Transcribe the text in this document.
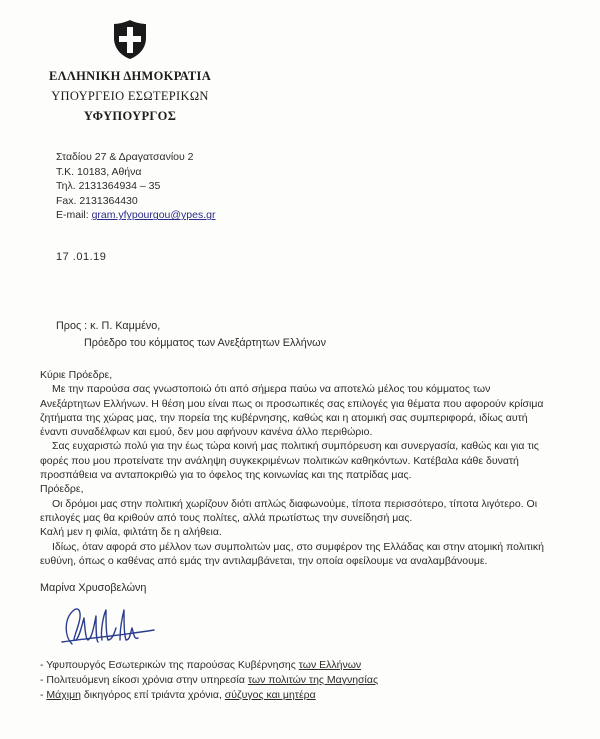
ΕΛΛΗΝΙΚΗ ΔΗΜΟΚΡΑΤΙΑ
ΥΠΟΥΡΓΕΙΟ ΕΣΩΤΕΡΙΚΩΝ
ΥΦΥΠΟΥΡΓΟΣ
Σταδίου 27 & Δραγατσανίου 2
Τ.Κ. 10183, Αθήνα
Τηλ. 2131364934 – 35
Fax. 2131364430
E-mail: gram.yfypourgou@ypes.gr
17 .01.19
Προς : κ. Π. Καμμένο,
Πρόεδρο του κόμματος των Ανεξάρτητων Ελλήνων

Κύριε Πρόεδρε,

Με την παρούσα σας γνωστοποιώ ότι από σήμερα παύω να αποτελώ μέλος του κόμματος των

Ανεξάρτητων Ελλήνων. Η θέση μου είναι πως οι προσωπικές σας επιλογές για θέματα που αφορούν κρίσιμα

ζητήματα της χώρας μας, την πορεία της κυβέρνησης, καθώς και η ατομική σας συμπεριφορά, ιδίως αυτή

έναντι συναδέλφων και εμού, δεν μου αφήνουν κανένα άλλο περιθώριο.

Σας ευχαριστώ πολύ για την έως τώρα κοινή μας πολιτική συμπόρευση και συνεργασία, καθώς και για τις

φορές που μου προτείνατε την ανάληψη συγκεκριμένων πολιτικών καθηκόντων. Κατέβαλα κάθε δυνατή

προσπάθεια να ανταποκριθώ για το όφελος της κοινωνίας και της πατρίδας μας.

Πρόεδρε,

Οι δρόμοι μας στην πολιτική χωρίζουν διότι απλώς διαφωνούμε, τίποτα περισσότερο, τίποτα λιγότερο. Οι

επιλογές μας θα κριθούν από τους πολίτες, αλλά πρωτίστως την συνείδησή μας.

Καλή μεν η φιλία, φιλτάτη δε η αλήθεια.

Ιδίως, όταν αφορά στο μέλλον των συμπολιτών μας, στο συμφέρον της Ελλάδας και στην ατομική πολιτική

ευθύνη, όπως ο καθένας από εμάς την αντιλαμβάνεται, την οποία οφείλουμε να αναλαμβάνουμε.

Μαρίνα Χρυσοβελώνη
- Υφυπουργός Εσωτερικών της παρούσας Κυβέρνησης των Ελλήνων
- Πολιτευόμενη είκοσι χρόνια στην υπηρεσία των πολιτών της Μαγνησίας
- Μάχιμη δικηγόρος επί τριάντα χρόνια, σύζυγος και μητέρα
